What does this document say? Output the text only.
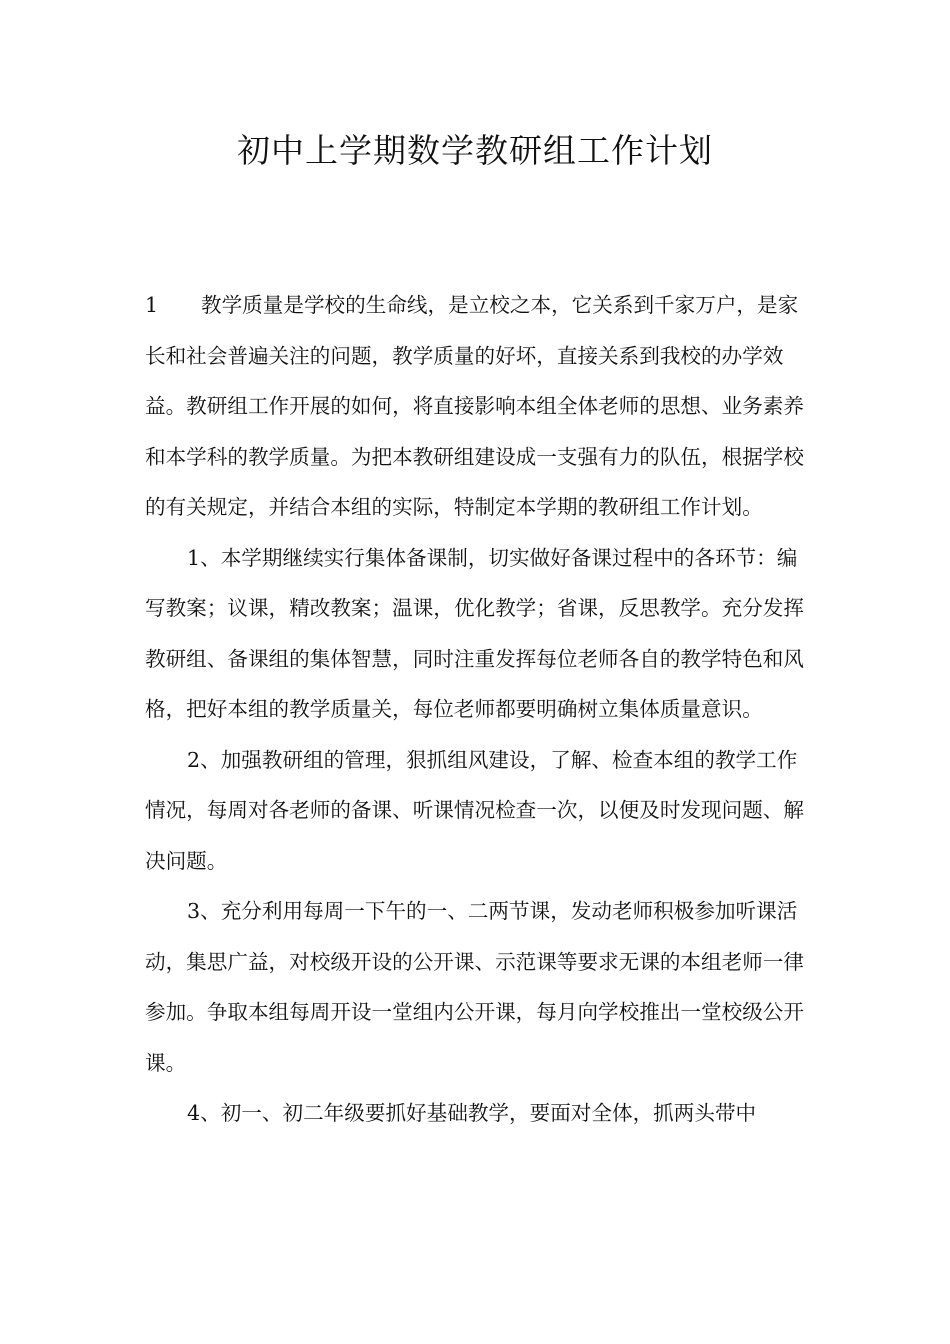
初中上学期数学教研组工作计划

1 教学质量是学校的生命线，是立校之本，它关系到千家万户，是家长和社会普遍关注的问题，教学质量的好坏，直接关系到我校的办学效益。教研组工作开展的如何，将直接影响本组全体老师的思想、业务素养和本学科的教学质量。为把本教研组建设成一支强有力的队伍，根据学校的有关规定，并结合本组的实际，特制定本学期的教研组工作计划。

1、本学期继续实行集体备课制，切实做好备课过程中的各环节：编写教案；议课，精改教案；温课，优化教学；省课，反思教学。充分发挥教研组、备课组的集体智慧，同时注重发挥每位老师各自的教学特色和风格，把好本组的教学质量关，每位老师都要明确树立集体质量意识。

2、加强教研组的管理，狠抓组风建设，了解、检查本组的教学工作情况，每周对各老师的备课、听课情况检查一次，以便及时发现问题、解决问题。

3、充分利用每周一下午的一、二两节课，发动老师积极参加听课活动，集思广益，对校级开设的公开课、示范课等要求无课的本组老师一律参加。争取本组每周开设一堂组内公开课，每月向学校推出一堂校级公开课。

4、初一、初二年级要抓好基础教学，要面对全体，抓两头带中
